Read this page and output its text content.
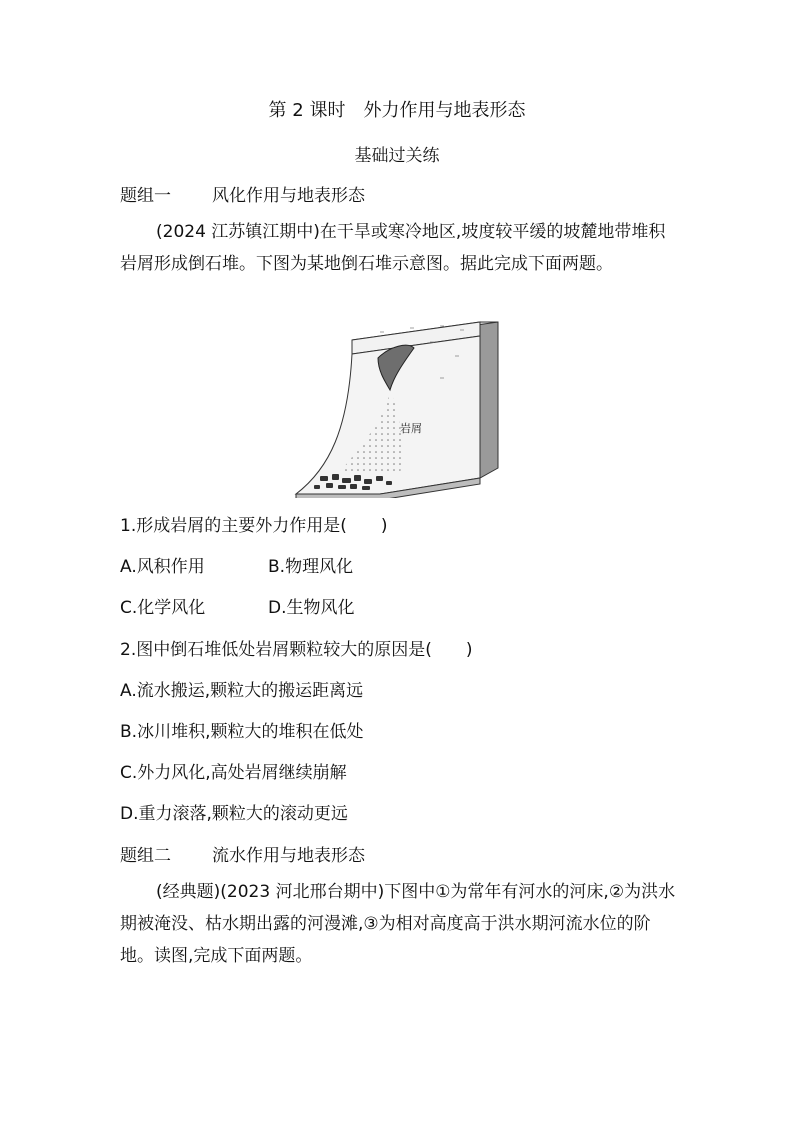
第 2 课时　外力作用与地表形态
基础过关练
题组一 风化作用与地表形态
(2024 江苏镇江期中)在干旱或寒冷地区,坡度较平缓的坡麓地带堆积岩屑形成倒石堆。下图为某地倒石堆示意图。据此完成下面两题。
岩屑
1.形成岩屑的主要外力作用是(　　)
A.风积作用	B.物理风化
C.化学风化	D.生物风化
2.图中倒石堆低处岩屑颗粒较大的原因是(　　)
A.流水搬运,颗粒大的搬运距离远
B.冰川堆积,颗粒大的堆积在低处
C.外力风化,高处岩屑继续崩解
D.重力滚落,颗粒大的滚动更远
题组二 流水作用与地表形态
(经典题)(2023 河北邢台期中)下图中①为常年有河水的河床,②为洪水期被淹没、枯水期出露的河漫滩,③为相对高度高于洪水期河流水位的阶地。读图,完成下面两题。
